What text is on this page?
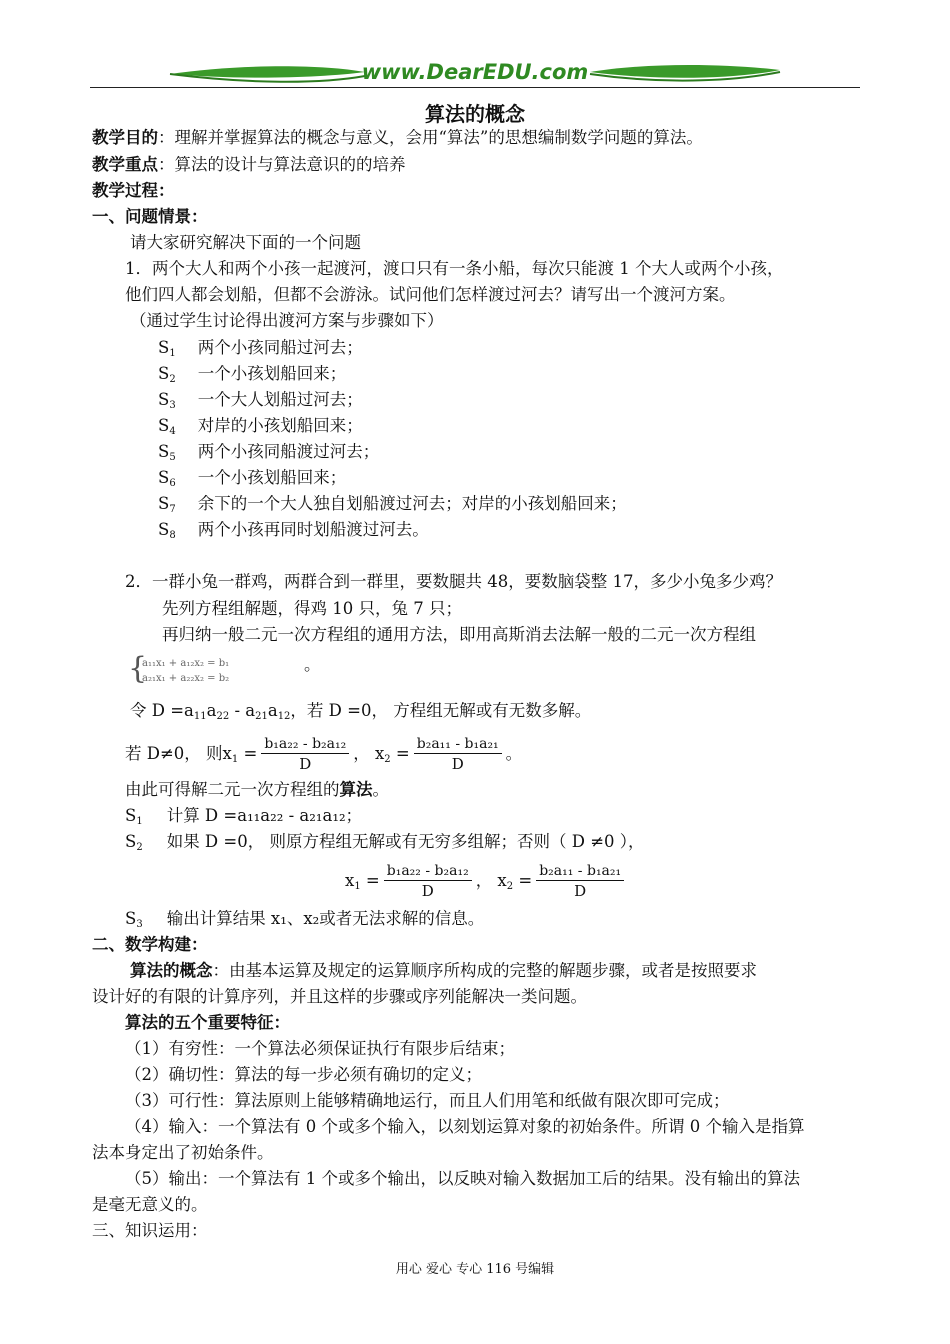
www.DearEDU.com
算法的概念
教学目的：理解并掌握算法的概念与意义，会用“算法”的思想编制数学问题的算法。
教学重点：算法的设计与算法意识的的培养
教学过程：
一、问题情景：
请大家研究解决下面的一个问题
1．两个大人和两个小孩一起渡河，渡口只有一条小船，每次只能渡 1 个大人或两个小孩，
他们四人都会划船，但都不会游泳。试问他们怎样渡过河去？请写出一个渡河方案。
（通过学生讨论得出渡河方案与步骤如下）
$S_1$ 两个小孩同船过河去；
$S_2$ 一个小孩划船回来；
$S_3$ 一个大人划船过河去；
$S_4$ 对岸的小孩划船回来；
$S_5$ 两个小孩同船渡过河去；
$S_6$ 一个小孩划船回来；
$S_7$ 余下的一个大人独自划船渡过河去；对岸的小孩划船回来；
$S_8$ 两个小孩再同时划船渡过河去。
2．一群小兔一群鸡，两群合到一群里，要数腿共 48，要数脑袋整 17，多少小兔多少鸡？
先列方程组解题，得鸡 10 只，兔 7 只；
再归纳一般二元一次方程组的通用方法，即用高斯消去法解一般的二元一次方程组
{
a₁₁x₁ + a₁₂x₂ = b₁
a₂₁x₁ + a₂₂x₂ = b₂
。
令 $D =a_{11}a_{22} - a_{21}a_{12}$，若 D =0， 方程组无解或有无数多解。
若 D≠0， 则$x_1 = \frac{\text{b₁a₂₂ - b₂a₁₂}}{D}$ ， $x_2 = \frac{\text{b₂a₁₁ - b₁a₂₁}}{D}$ 。
由此可得解二元一次方程组的算法。
$S_1$ 计算 D =a₁₁a₂₂ - a₂₁a₁₂；
$S_2$ 如果 D =0， 则原方程组无解或有无穷多组解；否则（ D ≠0 ），
$x_1 = \frac{\text{b₁a₂₂ - b₂a₁₂}}{D}$ ， $x_2 = \frac{\text{b₂a₁₁ - b₁a₂₁}}{D}$
$S_3$ 输出计算结果 x₁、x₂或者无法求解的信息。
二、数学构建：
算法的概念：由基本运算及规定的运算顺序所构成的完整的解题步骤，或者是按照要求
设计好的有限的计算序列，并且这样的步骤或序列能解决一类问题。
算法的五个重要特征：
（1）有穷性：一个算法必须保证执行有限步后结束；
（2）确切性：算法的每一步必须有确切的定义；
（3）可行性：算法原则上能够精确地运行，而且人们用笔和纸做有限次即可完成；
（4）输入：一个算法有 0 个或多个输入，以刻划运算对象的初始条件。所谓 0 个输入是指算
法本身定出了初始条件。
（5）输出：一个算法有 1 个或多个输出，以反映对输入数据加工后的结果。没有输出的算法
是毫无意义的。
三、知识运用：
用心 爱心 专心 116 号编辑
